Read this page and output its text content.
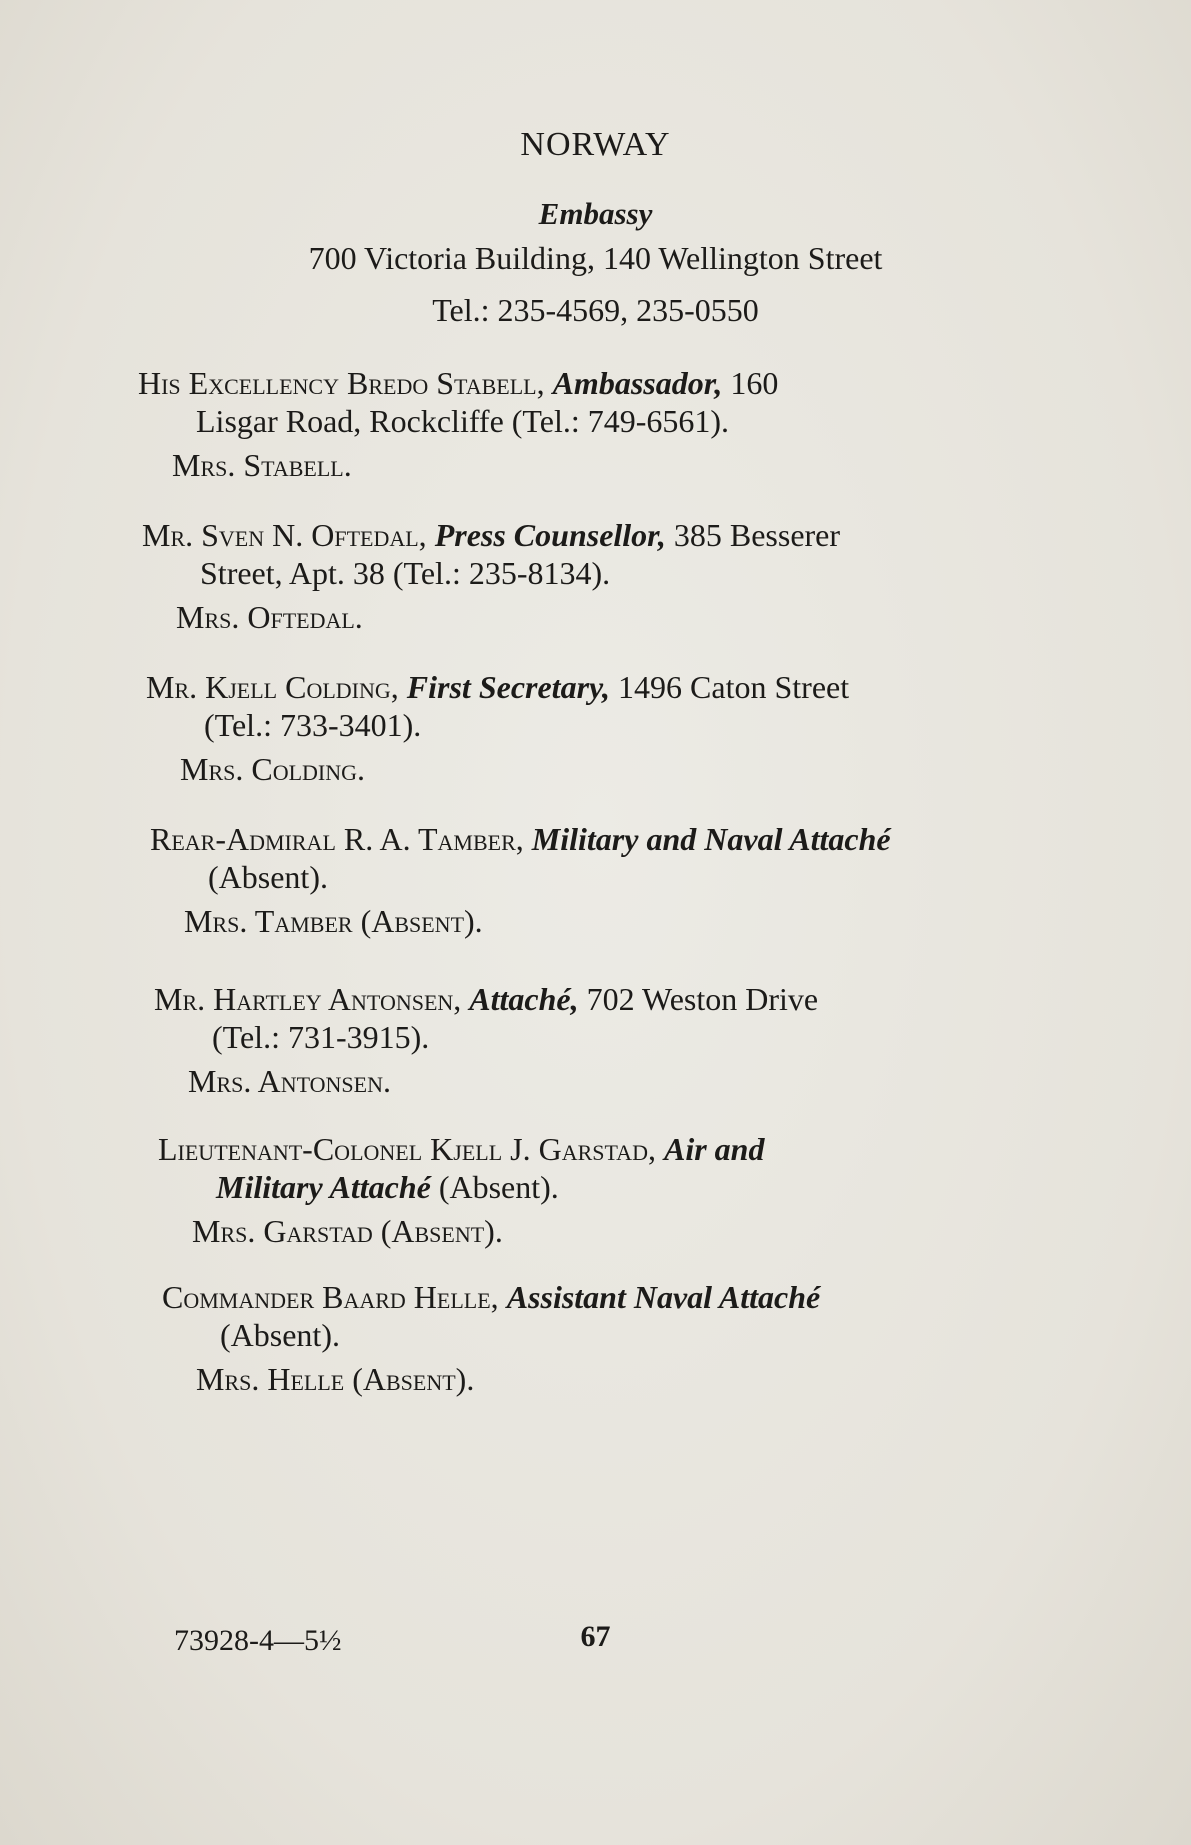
NORWAY
Embassy
700 Victoria Building, 140 Wellington Street
Tel.: 235-4569, 235-0550
His Excellency Bredo Stabell, Ambassador, 160
Lisgar Road, Rockcliffe (Tel.: 749-6561).
Mrs. Stabell.
Mr. Sven N. Oftedal, Press Counsellor, 385 Besserer
Street, Apt. 38 (Tel.: 235-8134).
Mrs. Oftedal.
Mr. Kjell Colding, First Secretary, 1496 Caton Street
(Tel.: 733-3401).
Mrs. Colding.
Rear-Admiral R. A. Tamber, Military and Naval Attaché
(Absent).
Mrs. Tamber (Absent).
Mr. Hartley Antonsen, Attaché, 702 Weston Drive
(Tel.: 731-3915).
Mrs. Antonsen.
Lieutenant-Colonel Kjell J. Garstad, Air and
Military Attaché (Absent).
Mrs. Garstad (Absent).
Commander Baard Helle, Assistant Naval Attaché
(Absent).
Mrs. Helle (Absent).
73928-4—5½	67
